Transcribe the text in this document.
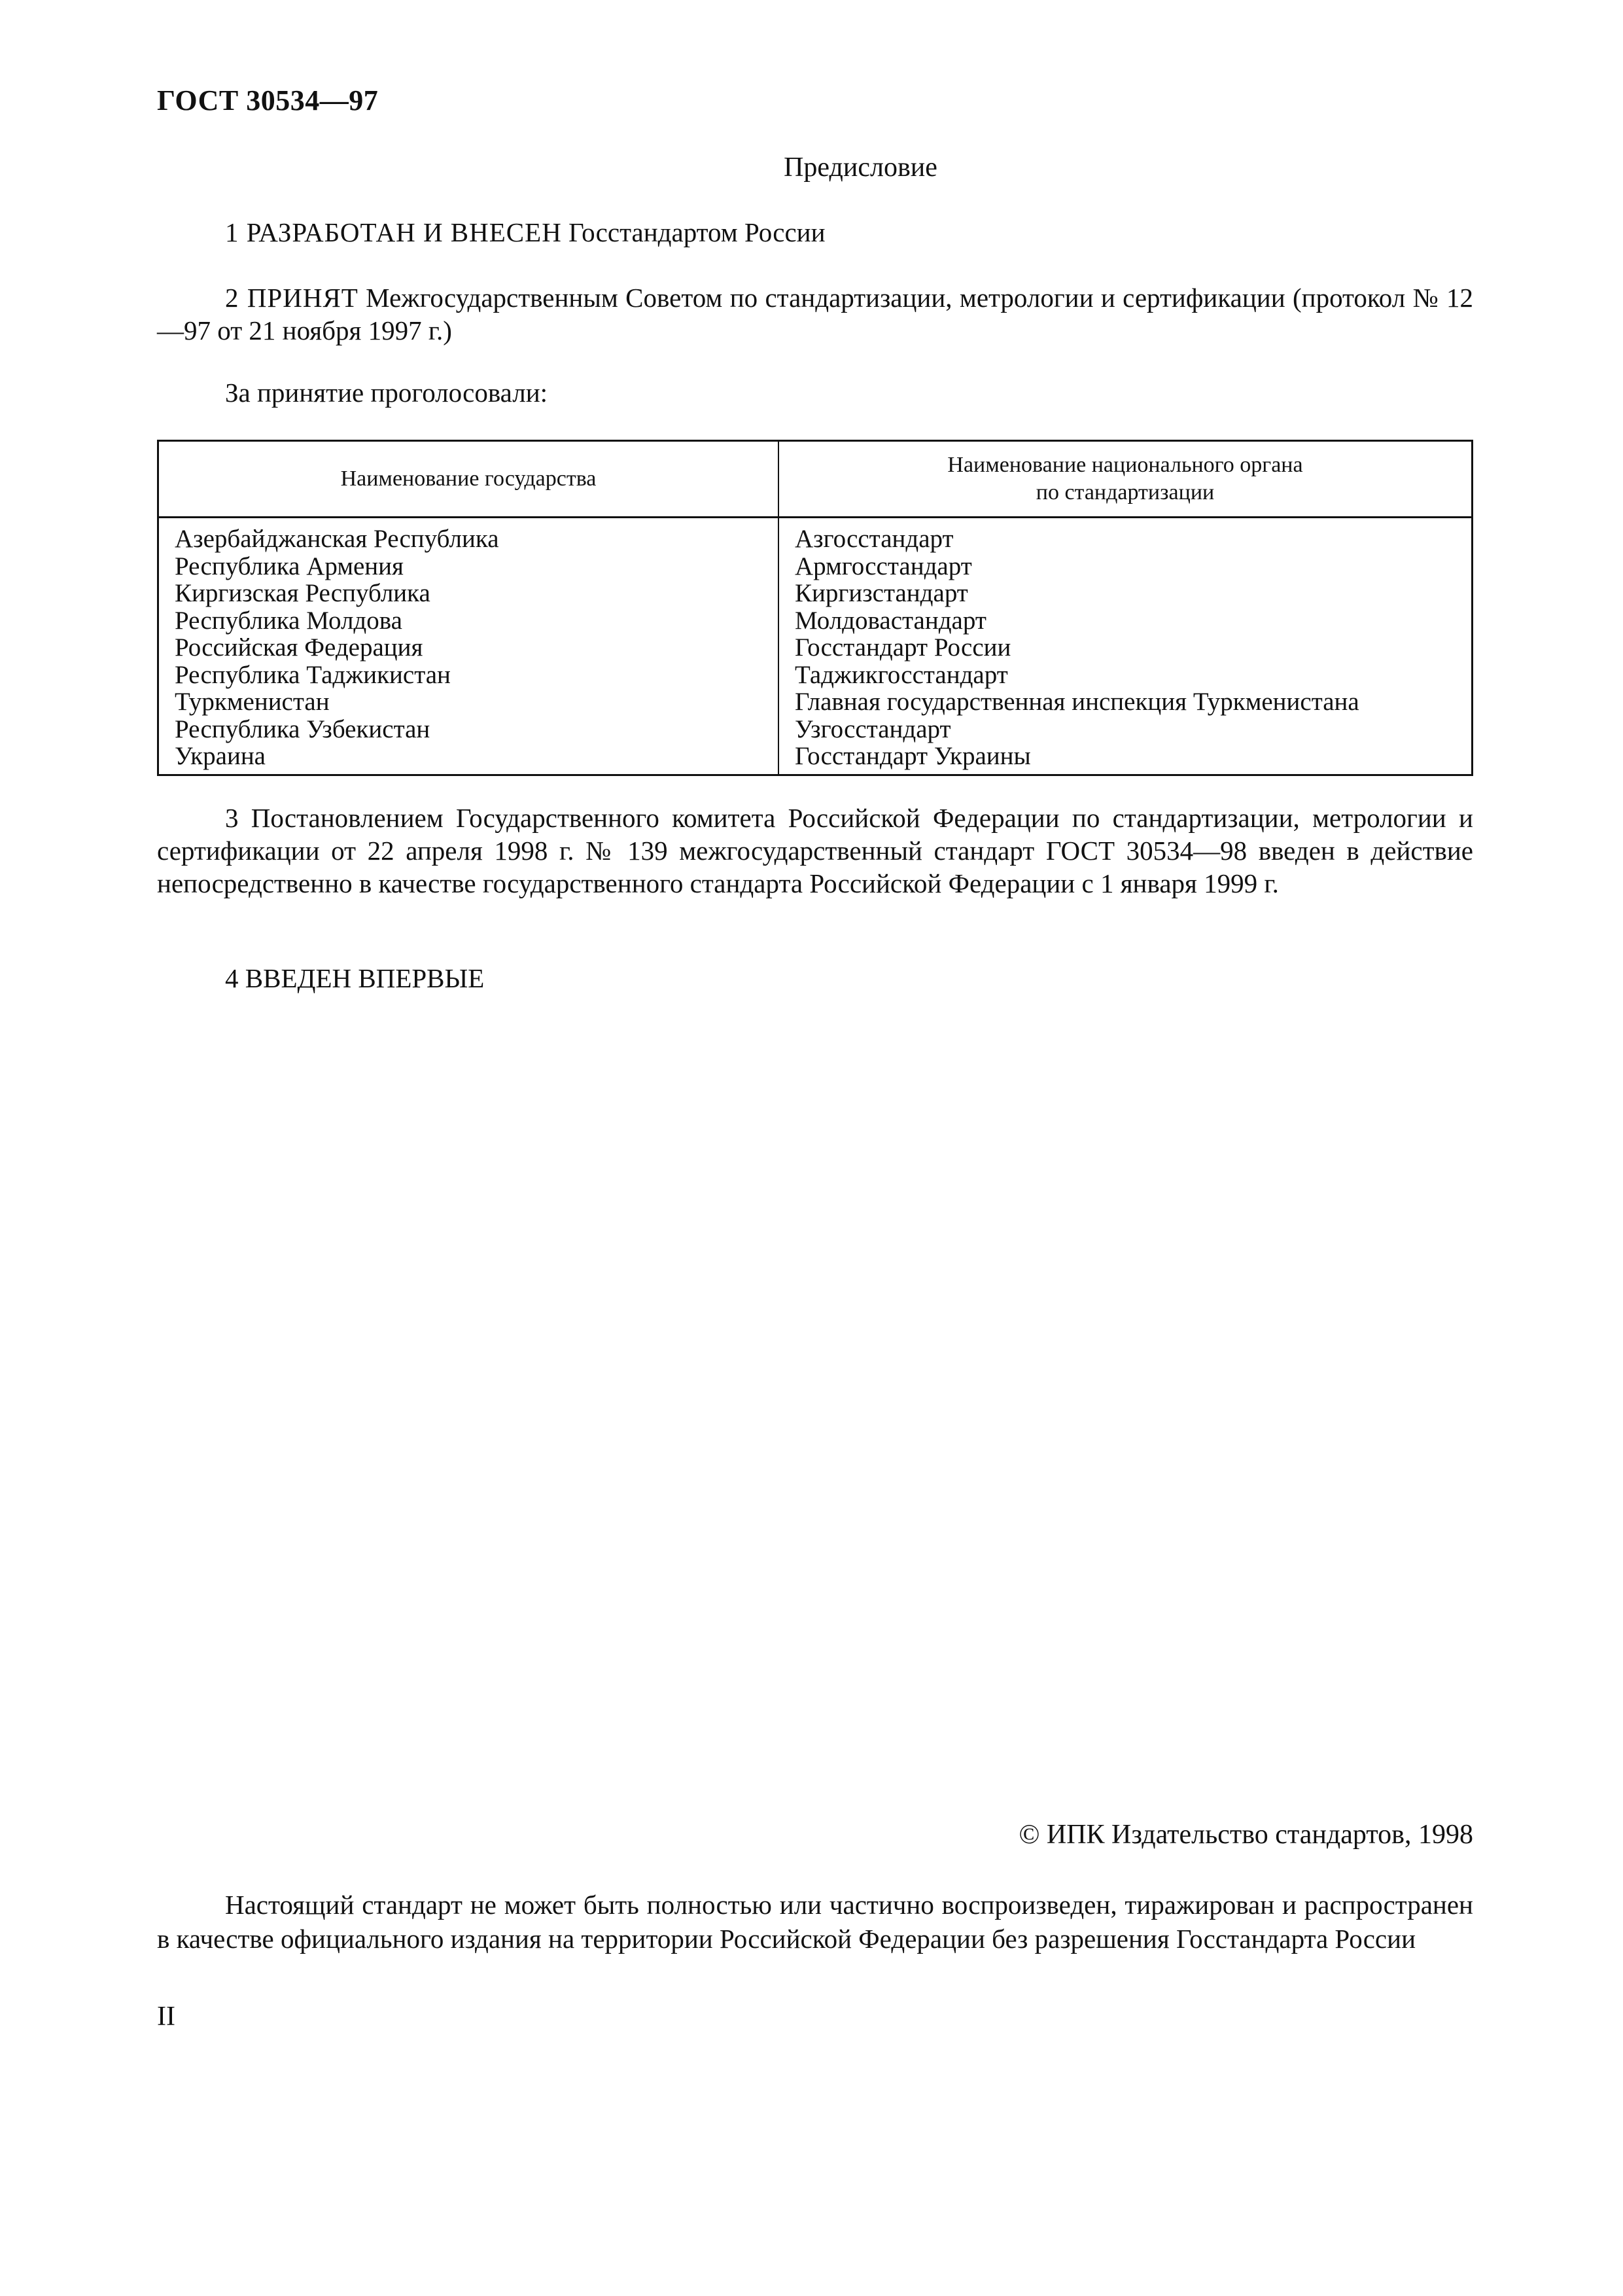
ГОСТ 30534—97
Предисловие

1 РАЗРАБОТАН И ВНЕСЕН Госстандартом России

2 ПРИНЯТ Межгосударственным Советом по стандартизации, метрологии и сертификации (протокол № 12—97 от 21 ноября 1997 г.)

За принятие проголосовали:

Наименование государства
Наименование национального органа
по стандартизации
Азербайджанская Республика
Республика Армения
Киргизская Республика
Республика Молдова
Российская Федерация
Республика Таджикистан
Туркменистан
Республика Узбекистан
Украина
Азгосстандарт
Армгосстандарт
Киргизстандарт
Молдовастандарт
Госстандарт России
Таджикгосстандарт
Главная государственная инспекция Туркменистана
Узгосстандарт
Госстандарт Украины

3 Постановлением Государственного комитета Российской Федерации по стандартизации, метрологии и сертификации от 22 апреля 1998 г. № 139 межгосударственный стандарт ГОСТ 30534—98 введен в действие непосредственно в качестве государственного стандарта Российской Федерации с 1 января 1999 г.

4 ВВЕДЕН ВПЕРВЫЕ

© ИПК Издательство стандартов, 1998

Настоящий стандарт не может быть полностью или частично воспроизведен, тиражирован и распространен в качестве официального издания на территории Российской Федерации без разрешения Госстандарта России

II
